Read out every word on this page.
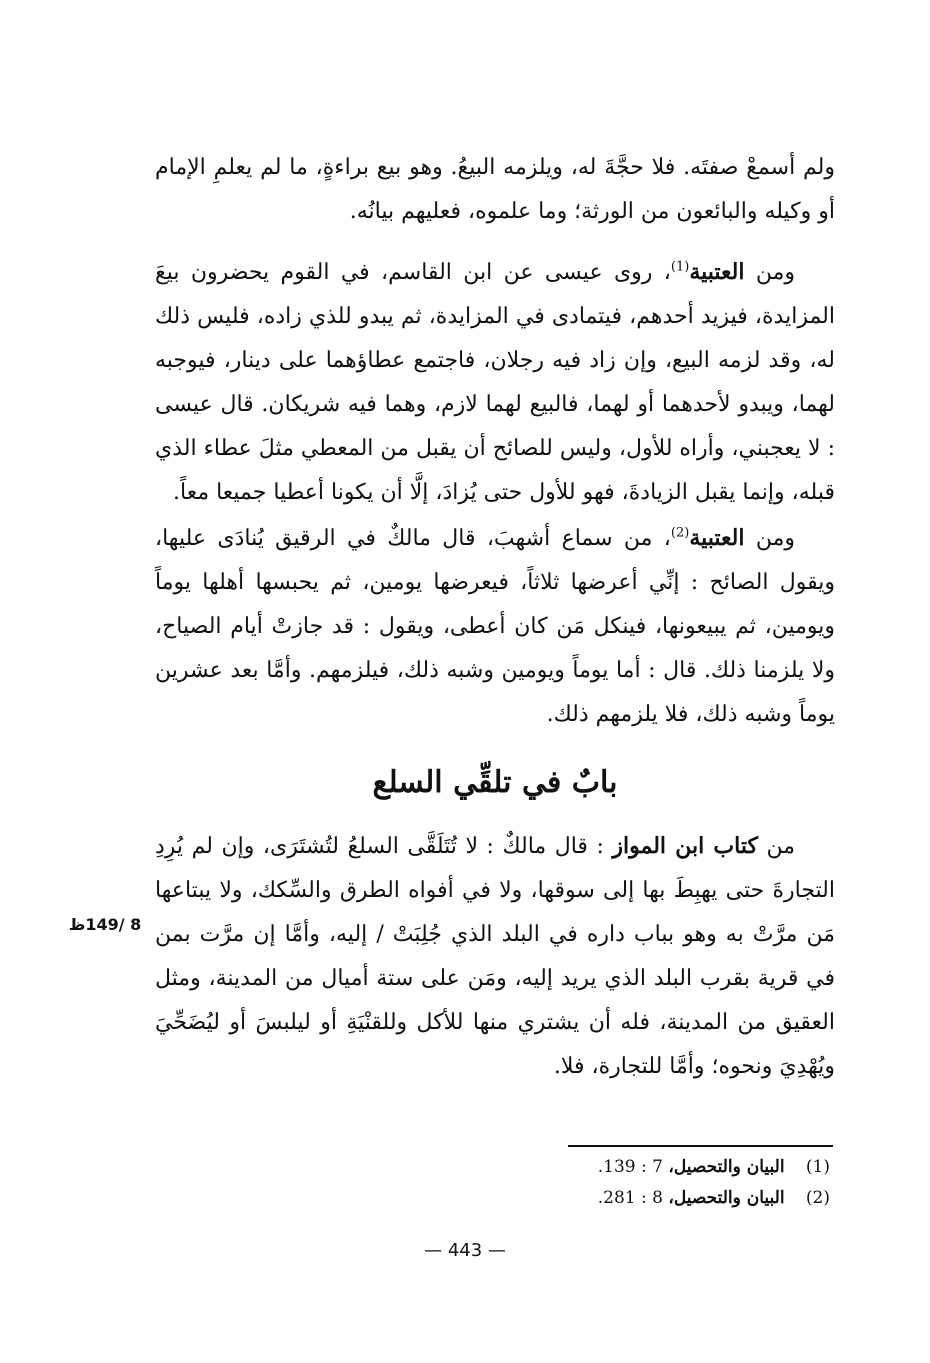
ولم أسمعْ صفتَه. فلا حجَّةَ له، ويلزمه البيعُ. وهو بيع براءةٍ، ما لم يعلمِ الإمام أو وكيله والبائعون من الورثة؛ وما علموه، فعليهم بيانُه.
ومن العتبية$^{(1)}$، روى عيسى عن ابن القاسم، في القوم يحضرون بيعَ المزايدة، فيزيد أحدهم، فيتمادى في المزايدة، ثم يبدو للذي زاده، فليس ذلك له، وقد لزمه البيع، وإن زاد فيه رجلان، فاجتمع عطاؤهما على دينار، فيوجبه لهما، ويبدو لأحدهما أو لهما، فالبيع لهما لازم، وهما فيه شريكان. قال عيسى : لا يعجبني، وأراه للأول، وليس للصائح أن يقبل من المعطي مثلَ عطاء الذي قبله، وإنما يقبل الزيادةَ، فهو للأول حتى يُزادَ، إلَّا أن يكونا أعطيا جميعا معاً.
ومن العتبية$^{(2)}$، من سماع أشهبَ، قال مالكٌ في الرقيق يُنادَى عليها، ويقول الصائح : إنِّي أعرضها ثلاثاً، فيعرضها يومين، ثم يحبسها أهلها يوماً ويومين، ثم يبيعونها، فينكل مَن كان أعطى، ويقول : قد جازتْ أيام الصياح، ولا يلزمنا ذلك. قال : أما يوماً ويومين وشبه ذلك، فيلزمهم. وأمَّا بعد عشرين يوماً وشبه ذلك، فلا يلزمهم ذلك.
بابٌ في تلقِّي السلع
من كتاب ابن المواز : قال مالكٌ : لا تُتَلَقَّى السلعُ لتُشتَرَى، وإن لم يُرِدِ التجارةَ حتى يهبِطَ بها إلى سوقها، ولا في أفواه الطرق والسِّكك، ولا يبتاعها مَن مرَّتْ به وهو بباب داره في البلد الذي جُلِبَتْ / إليه، وأمَّا إن مرَّت بمن في قرية بقرب البلد الذي يريد إليه، ومَن على ستة أميال من المدينة، ومثل العقيق من المدينة، فله أن يشتري منها للأكل وللقنْيَةِ أو ليلبسَ أو ليُضَحِّيَ ويُهْدِيَ ونحوه؛ وأمَّا للتجارة، فلا.
8 /149ظ
(1) البيان والتحصيل، 7 : 139.
(2) البيان والتحصيل، 8 : 281.
— 443 —
